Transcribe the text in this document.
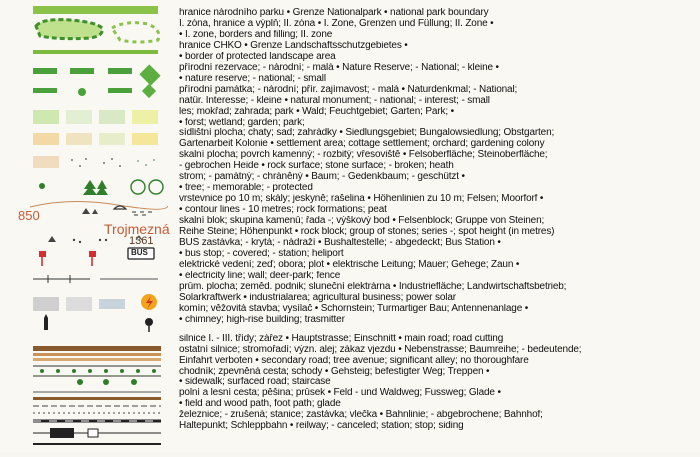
850
Trojmezná
1361
BUS
hranice národního parku • Grenze Nationalpark • national park boundary
I. zóna, hranice a výplň; II. zóna • I. Zone, Grenzen und Füllung; II. Zone •
• I. zone, borders and filling; II. zone
hranice CHKO • Grenze Landschaftsschutzgebietes •
• border of protected landscape area
přírodní rezervace; - národní; - malá • Nature Reserve; - National; - kleine •
• nature reserve; - national; - small
přírodní památka; - národní; přír. zajímavost; - malá • Naturdenkmal; - National;
natür. Interesse; - kleine • natural monument; - national; - interest; - small
les; mokřad; zahrada; park • Wald; Feuchtgebiet; Garten; Park; •
• forst; wetland; garden; park;
sídlištní plocha; chaty; sad; zahrádky • Siedlungsgebiet; Bungalowsiedlung; Obstgarten;
Gartenarbeit Kolonie • settlement area; cottage settlement; orchard; gardening colony
skalní plocha; povrch kamenný; - rozbitý; vřesoviště • Felsoberfläche; Steinoberfläche;
- gebrochen Heide • rock surface; stone surface; - broken; heath
strom; - památný; - chráněný • Baum; - Gedenkbaum; - geschützt •
• tree; - memorable; - protected
vrstevnice po 10 m; skály; jeskyně; rašelina • Höhenlinien zu 10 m; Felsen; Moorforf •
• contour lines - 10 metres; rock formations; peat
skalní blok; skupina kamenů; řada -; výškový bod • Felsenblock; Gruppe von Steinen;
Reihe Steine; Höhenpunkt • rock block; group of stones; series -; spot height (in metres)
BUS zastávka; - krytá; - nádraží • Bushaltestelle; - abgedeckt; Bus Station •
• bus stop; - covered; - station; heliport
elektrické vedení; zeď; obora; plot • elektrische Leitung; Mauer; Gehege; Zaun •
• electricity line; wall; deer-park; fence
prům. plocha; zeměd. podnik; sluneční elektrárna • Industriefläche; Landwirtschaftsbetrieb;
Solarkraftwerk • industrialarea; agricultural business; power solar
komín; věžovitá stavba; vysílač • Schornstein; Turmartiger Bau; Antennenanlage •
• chimney; high-rise building; trasmitter
silnice I. - III. třídy; zářez • Hauptstrasse; Einschnitt • main road; road cutting
ostatní silnice; stromořadí; význ. alej; zákaz vjezdu • Nebenstrasse; Baumreihe; - bedeutende;
Einfahrt verboten • secondary road; tree avenue; significant alley; no thoroughfare
chodník; zpevněná cesta; schody • Gehsteig; befestigter Weg; Treppen •
• sidewalk; surfaced road; staircase
polní a lesní cesta; pěšina; průsek • Feld - und Waldweg; Fussweg; Glade •
• field and wood path, foot path; glade
železnice; - zrušená; stanice; zastávka; vlečka • Bahnlinie; - abgebrochene; Bahnhof;
Haltepunkt; Schleppbahn • reilway; - canceled; station; stop; siding
